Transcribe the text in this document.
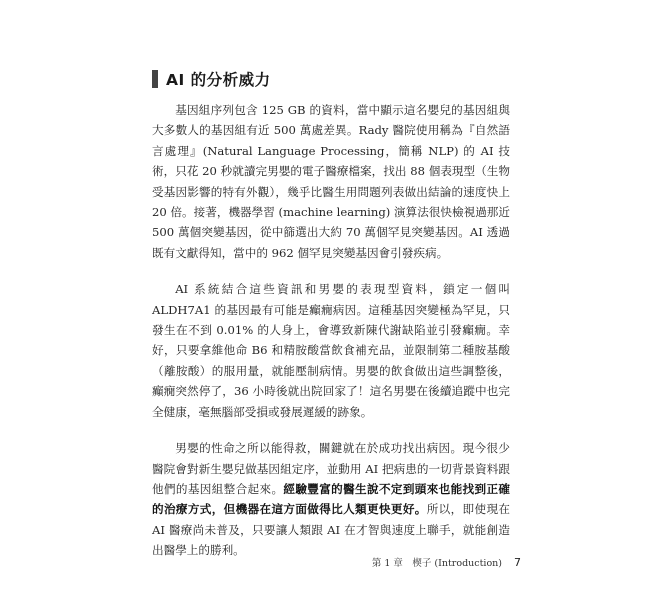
AI 的分析威力

基因組序列包含 125 GB 的資料，當中顯示這名嬰兒的基因組與大多數人的基因組有近 500 萬處差異。Rady 醫院使用稱為『自然語言處理』(Natural Language Processing，簡稱 NLP) 的 AI 技術，只花 20 秒就讀完男嬰的電子醫療檔案，找出 88 個表現型（生物受基因影響的特有外觀），幾乎比醫生用問題列表做出結論的速度快上 20 倍。接著，機器學習 (machine learning) 演算法很快檢視過那近 500 萬個突變基因，從中篩選出大約 70 萬個罕見突變基因。AI 透過既有文獻得知，當中的 962 個罕見突變基因會引發疾病。

AI 系統結合這些資訊和男嬰的表現型資料，鎖定一個叫 ALDH7A1 的基因最有可能是癲癇病因。這種基因突變極為罕見，只發生在不到 0.01% 的人身上，會導致新陳代謝缺陷並引發癲癇。幸好，只要拿維他命 B6 和精胺酸當飲食補充品，並限制第二種胺基酸（離胺酸）的服用量，就能壓制病情。男嬰的飲食做出這些調整後，癲癇突然停了，36 小時後就出院回家了！這名男嬰在後續追蹤中也完全健康，毫無腦部受損或發展遲緩的跡象。

男嬰的性命之所以能得救，關鍵就在於成功找出病因。現今很少醫院會對新生嬰兒做基因組定序，並動用 AI 把病患的一切背景資料跟他們的基因組整合起來。經驗豐富的醫生說不定到頭來也能找到正確的治療方式，但機器在這方面做得比人類更快更好。所以，即使現在 AI 醫療尚未普及，只要讓人類跟 AI 在才智與速度上聯手，就能創造出醫學上的勝利。

第 1 章　楔子 (Introduction) 7
